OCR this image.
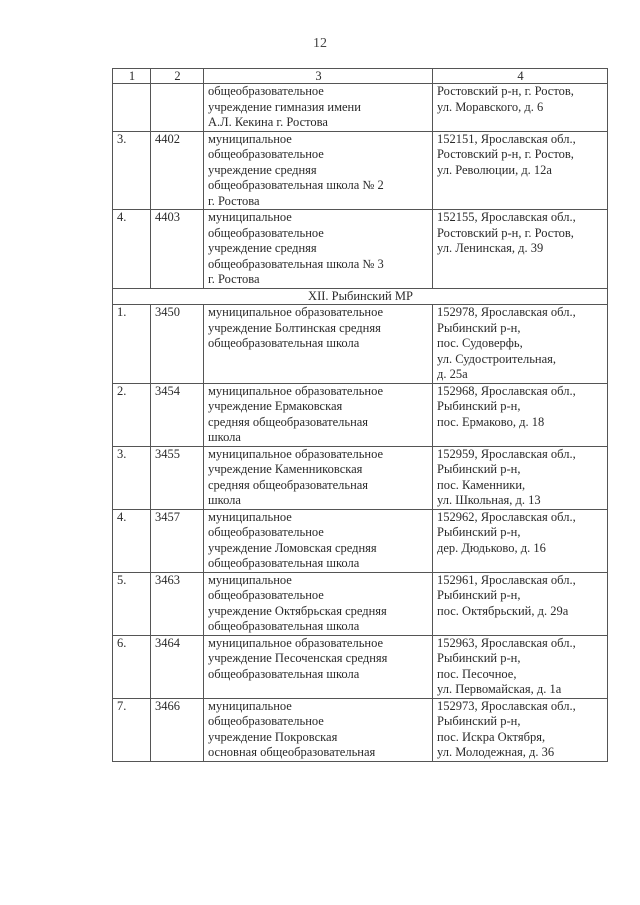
12
1	2	3	4
		общеобразовательное
учреждение гимназия имени
А.Л. Кекина г. Ростова	Ростовский р-н, г. Ростов,
ул. Моравского, д. 6
3.	4402	муниципальное
общеобразовательное
учреждение средняя
общеобразовательная школа № 2
г. Ростова	152151, Ярославская обл.,
Ростовский р-н, г. Ростов,
ул. Революции, д. 12а
4.	4403	муниципальное
общеобразовательное
учреждение средняя
общеобразовательная школа № 3
г. Ростова	152155, Ярославская обл.,
Ростовский р-н, г. Ростов,
ул. Ленинская, д. 39
XII. Рыбинский МР			
1.	3450	муниципальное образовательное
учреждение Болтинская средняя
общеобразовательная школа	152978, Ярославская обл.,
Рыбинский р-н,
пос. Судоверфь,
ул. Судостроительная,
д. 25а
2.	3454	муниципальное образовательное
учреждение Ермаковская
средняя общеобразовательная
школа	152968, Ярославская обл.,
Рыбинский р-н,
пос. Ермаково, д. 18
3.	3455	муниципальное образовательное
учреждение Каменниковская
средняя общеобразовательная
школа	152959, Ярославская обл.,
Рыбинский р-н,
пос. Каменники,
ул. Школьная, д. 13
4.	3457	муниципальное
общеобразовательное
учреждение Ломовская средняя
общеобразовательная школа	152962, Ярославская обл.,
Рыбинский р-н,
дер. Дюдьково, д. 16
5.	3463	муниципальное
общеобразовательное
учреждение Октябрьская средняя
общеобразовательная школа	152961, Ярославская обл.,
Рыбинский р-н,
пос. Октябрьский, д. 29а
6.	3464	муниципальное образовательное
учреждение Песоченская средняя
общеобразовательная школа	152963, Ярославская обл.,
Рыбинский р-н,
пос. Песочное,
ул. Первомайская, д. 1а
7.	3466	муниципальное
общеобразовательное
учреждение Покровская
основная общеобразовательная	152973, Ярославская обл.,
Рыбинский р-н,
пос. Искра Октября,
ул. Молодежная, д. 36
